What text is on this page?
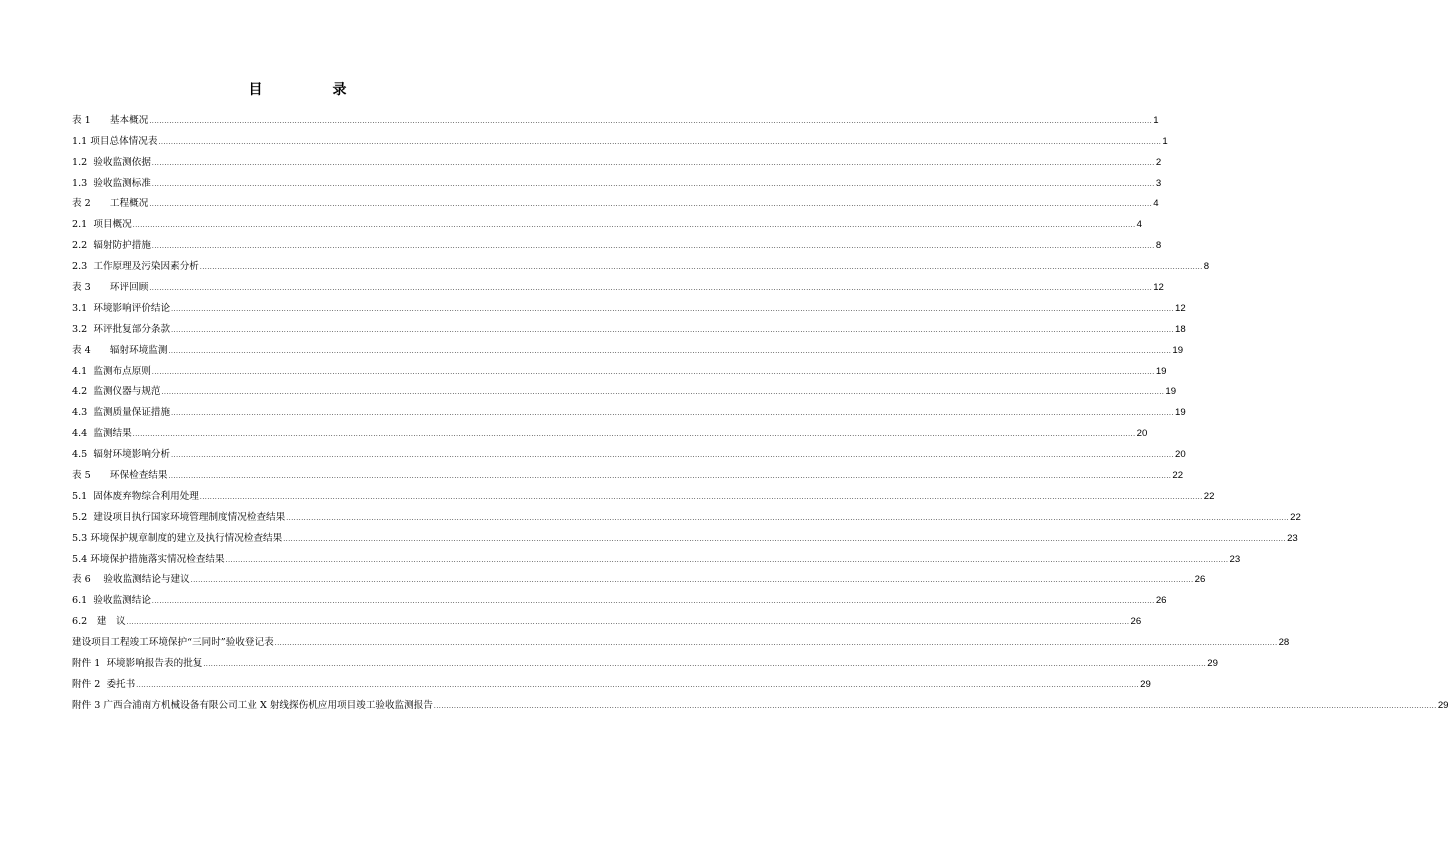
目　录
表 1　　基本概况 ................................................................................................................................................................................................................................................................................................................................................................................................................ 1
1.1 项目总体情况表 ................................................................................................................................................................................................................................................................................................................................................................................................................ 1
1.2  验收监测依据 ................................................................................................................................................................................................................................................................................................................................................................................................................ 2
1.3  验收监测标准 ................................................................................................................................................................................................................................................................................................................................................................................................................ 3
表 2　　工程概况 ................................................................................................................................................................................................................................................................................................................................................................................................................ 4
2.1  项目概况 ................................................................................................................................................................................................................................................................................................................................................................................................................ 4
2.2  辐射防护措施 ................................................................................................................................................................................................................................................................................................................................................................................................................ 8
2.3  工作原理及污染因素分析 ................................................................................................................................................................................................................................................................................................................................................................................................................ 8
表 3　　环评回顾 ................................................................................................................................................................................................................................................................................................................................................................................................................ 12
3.1  环境影响评价结论 ................................................................................................................................................................................................................................................................................................................................................................................................................ 12
3.2  环评批复部分条款 ................................................................................................................................................................................................................................................................................................................................................................................................................ 18
表 4　　辐射环境监测 ................................................................................................................................................................................................................................................................................................................................................................................................................ 19
4.1  监测布点原则 ................................................................................................................................................................................................................................................................................................................................................................................................................ 19
4.2  监测仪器与规范 ................................................................................................................................................................................................................................................................................................................................................................................................................ 19
4.3  监测质量保证措施 ................................................................................................................................................................................................................................................................................................................................................................................................................ 19
4.4  监测结果 ................................................................................................................................................................................................................................................................................................................................................................................................................ 20
4.5  辐射环境影响分析 ................................................................................................................................................................................................................................................................................................................................................................................................................ 20
表 5　　环保检查结果 ................................................................................................................................................................................................................................................................................................................................................................................................................ 22
5.1  固体废弃物综合利用处理 ................................................................................................................................................................................................................................................................................................................................................................................................................ 22
5.2  建设项目执行国家环境管理制度情况检查结果 ................................................................................................................................................................................................................................................................................................................................................................................................................ 22
5.3 环境保护规章制度的建立及执行情况检查结果 ................................................................................................................................................................................................................................................................................................................................................................................................................ 23
5.4 环境保护措施落实情况检查结果 ................................................................................................................................................................................................................................................................................................................................................................................................................ 23
表 6　 验收监测结论与建议 ................................................................................................................................................................................................................................................................................................................................................................................................................ 26
6.1  验收监测结论 ................................................................................................................................................................................................................................................................................................................................................................................................................ 26
6.2　建　议 ................................................................................................................................................................................................................................................................................................................................................................................................................ 26
建设项目工程竣工环境保护“三同时”验收登记表 ................................................................................................................................................................................................................................................................................................................................................................................................................ 28
附件 1  环境影响报告表的批复 ................................................................................................................................................................................................................................................................................................................................................................................................................ 29
附件 2  委托书 ................................................................................................................................................................................................................................................................................................................................................................................................................ 29
附件 3 广西合浦南方机械设备有限公司工业 X 射线探伤机应用项目竣工验收监测报告 ................................................................................................................................................................................................................................................................................................................................................................................................................ 29
